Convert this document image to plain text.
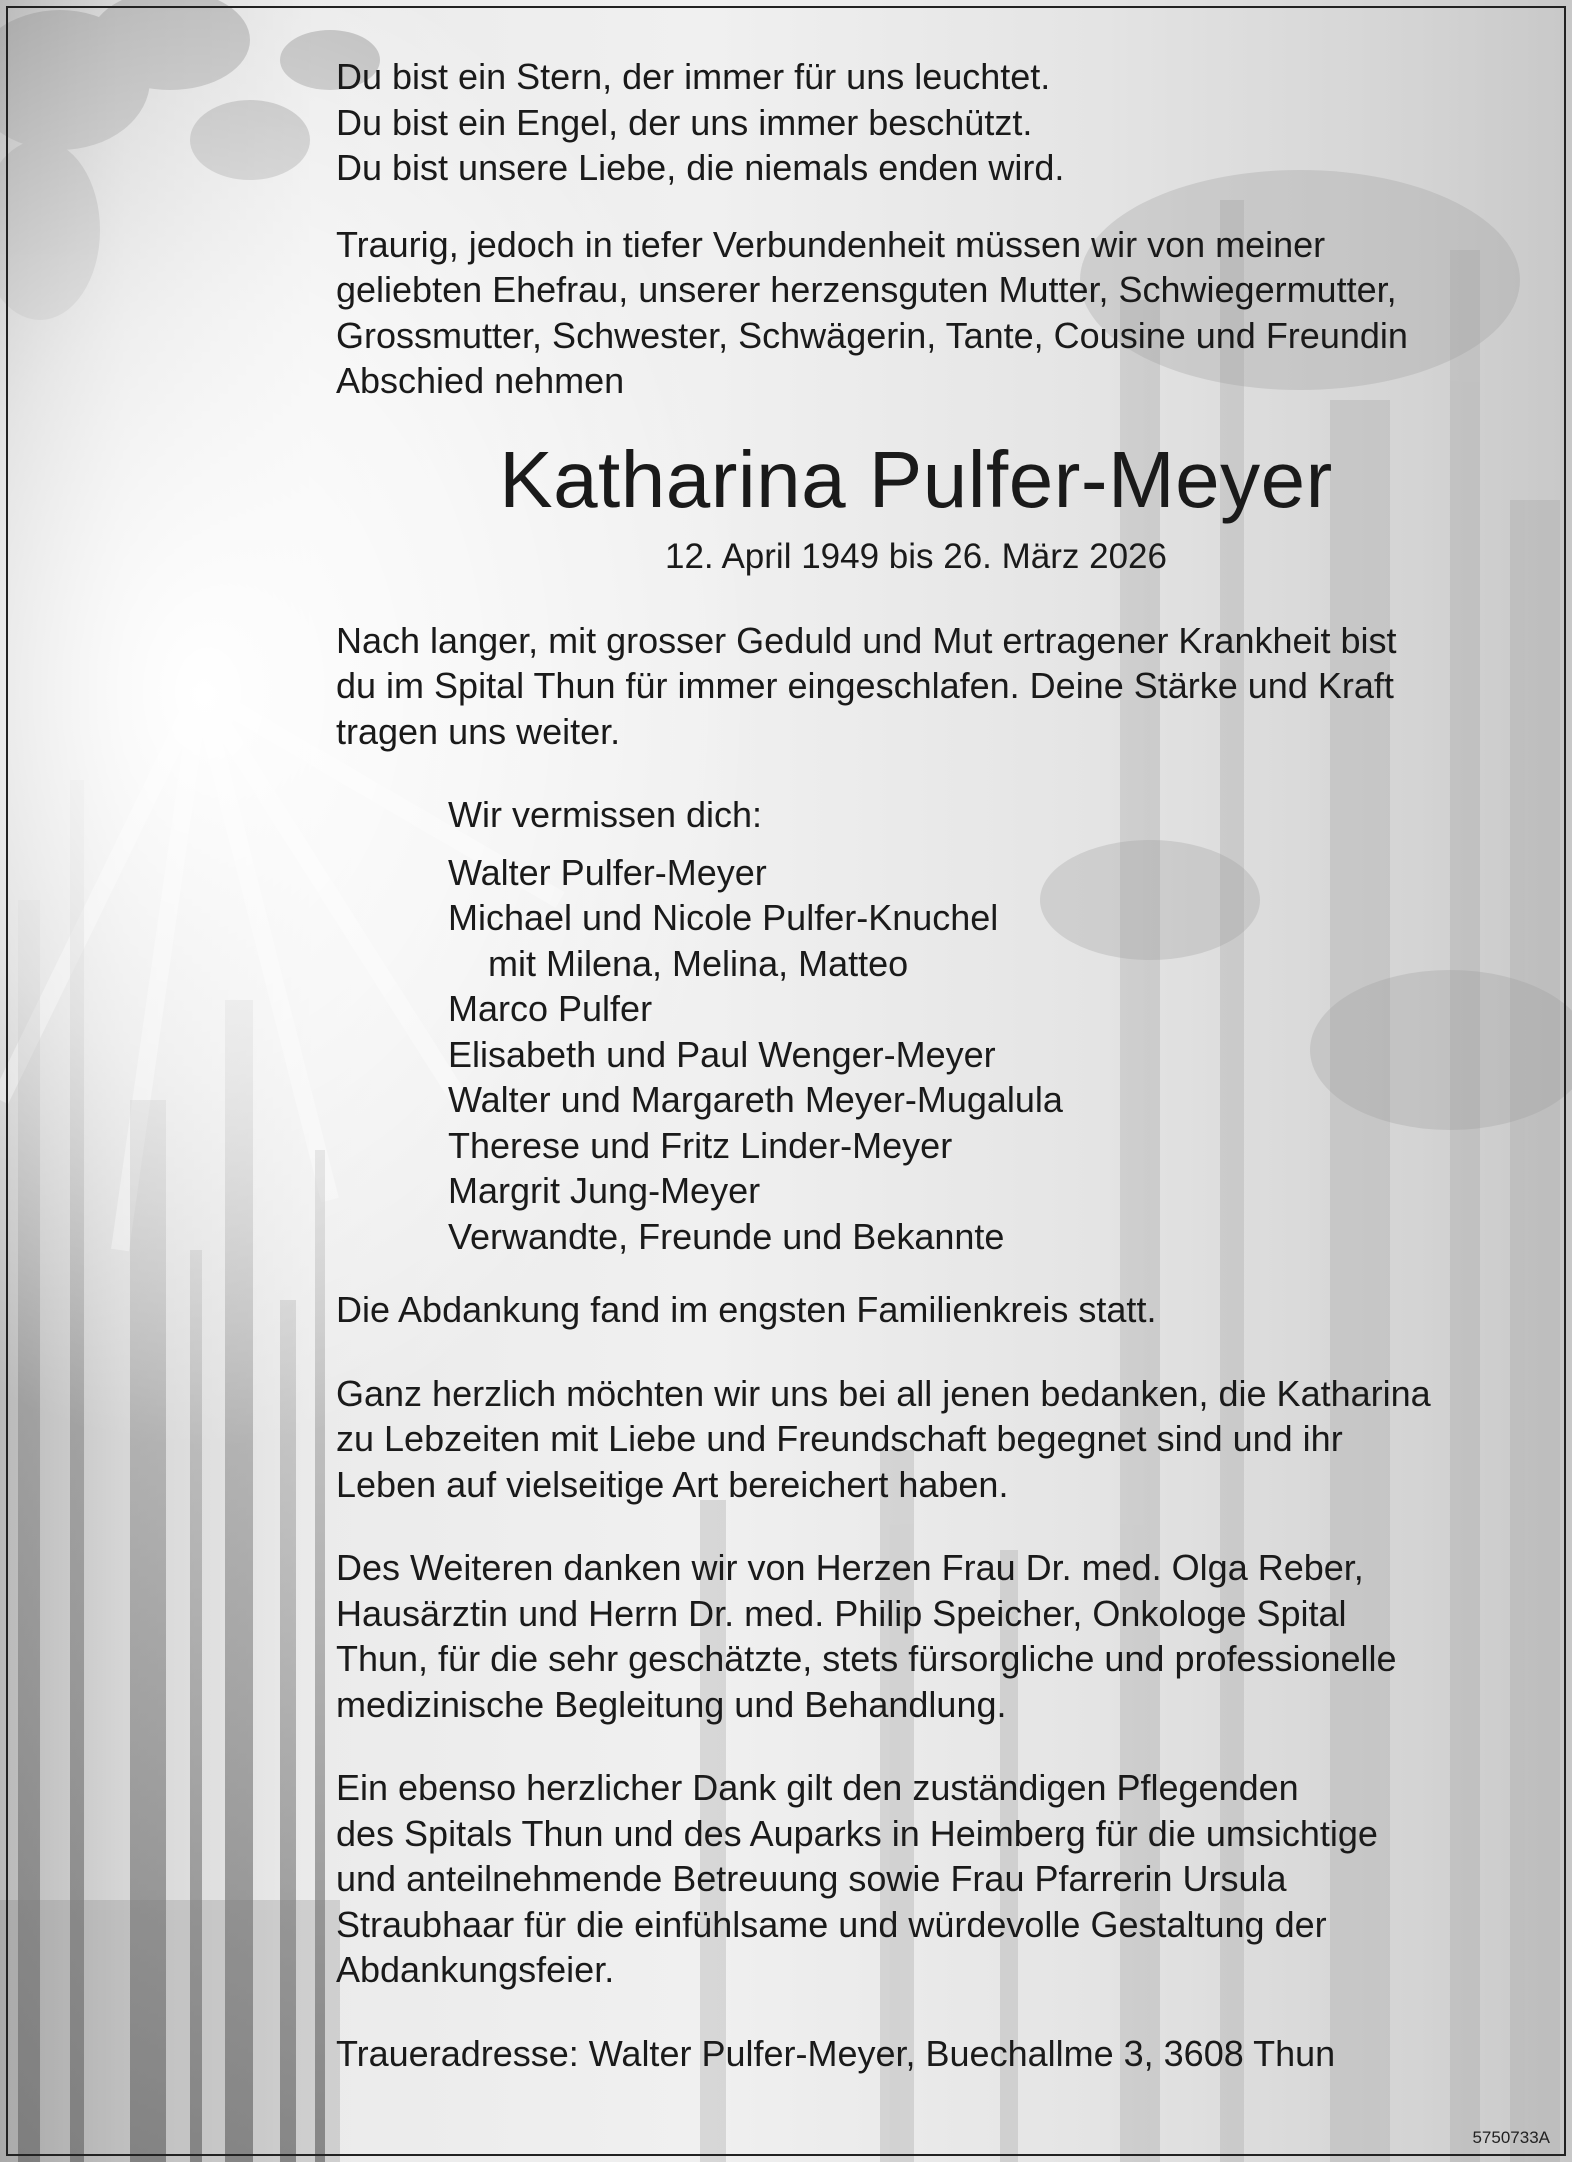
Du bist ein Stern, der immer für uns leuchtet.

Du bist ein Engel, der uns immer beschützt.

Du bist unsere Liebe, die niemals enden wird.

Traurig, jedoch in tiefer Verbundenheit müssen wir von meiner

geliebten Ehefrau, unserer herzensguten Mutter, Schwiegermutter,

Grossmutter, Schwester, Schwägerin, Tante, Cousine und Freundin

Abschied nehmen

Katharina Pulfer-Meyer
12. April 1949 bis 26. März 2026

Nach langer, mit grosser Geduld und Mut ertragener Krankheit bist

du im Spital Thun für immer eingeschlafen. Deine Stärke und Kraft

tragen uns weiter.

Wir vermissen dich:
Walter Pulfer-Meyer
Michael und Nicole Pulfer-Knuchel
mit Milena, Melina, Matteo
Marco Pulfer
Elisabeth und Paul Wenger-Meyer
Walter und Margareth Meyer-Mugalula
Therese und Fritz Linder-Meyer
Margrit Jung-Meyer
Verwandte, Freunde und Bekannte

Die Abdankung fand im engsten Familienkreis statt.

Ganz herzlich möchten wir uns bei all jenen bedanken, die Katharina

zu Lebzeiten mit Liebe und Freundschaft begegnet sind und ihr

Leben auf vielseitige Art bereichert haben.

Des Weiteren danken wir von Herzen Frau Dr. med. Olga Reber,

Hausärztin und Herrn Dr. med. Philip Speicher, Onkologe Spital

Thun, für die sehr geschätzte, stets fürsorgliche und professionelle

medizinische Begleitung und Behandlung.

Ein ebenso herzlicher Dank gilt den zuständigen Pflegenden

des Spitals Thun und des Auparks in Heimberg für die umsichtige

und anteilnehmende Betreuung sowie Frau Pfarrerin Ursula

Straubhaar für die einfühlsame und würdevolle Gestaltung der

Abdankungsfeier.

Traueradresse: Walter Pulfer-Meyer, Buechallme 3, 3608 Thun

5750733A
